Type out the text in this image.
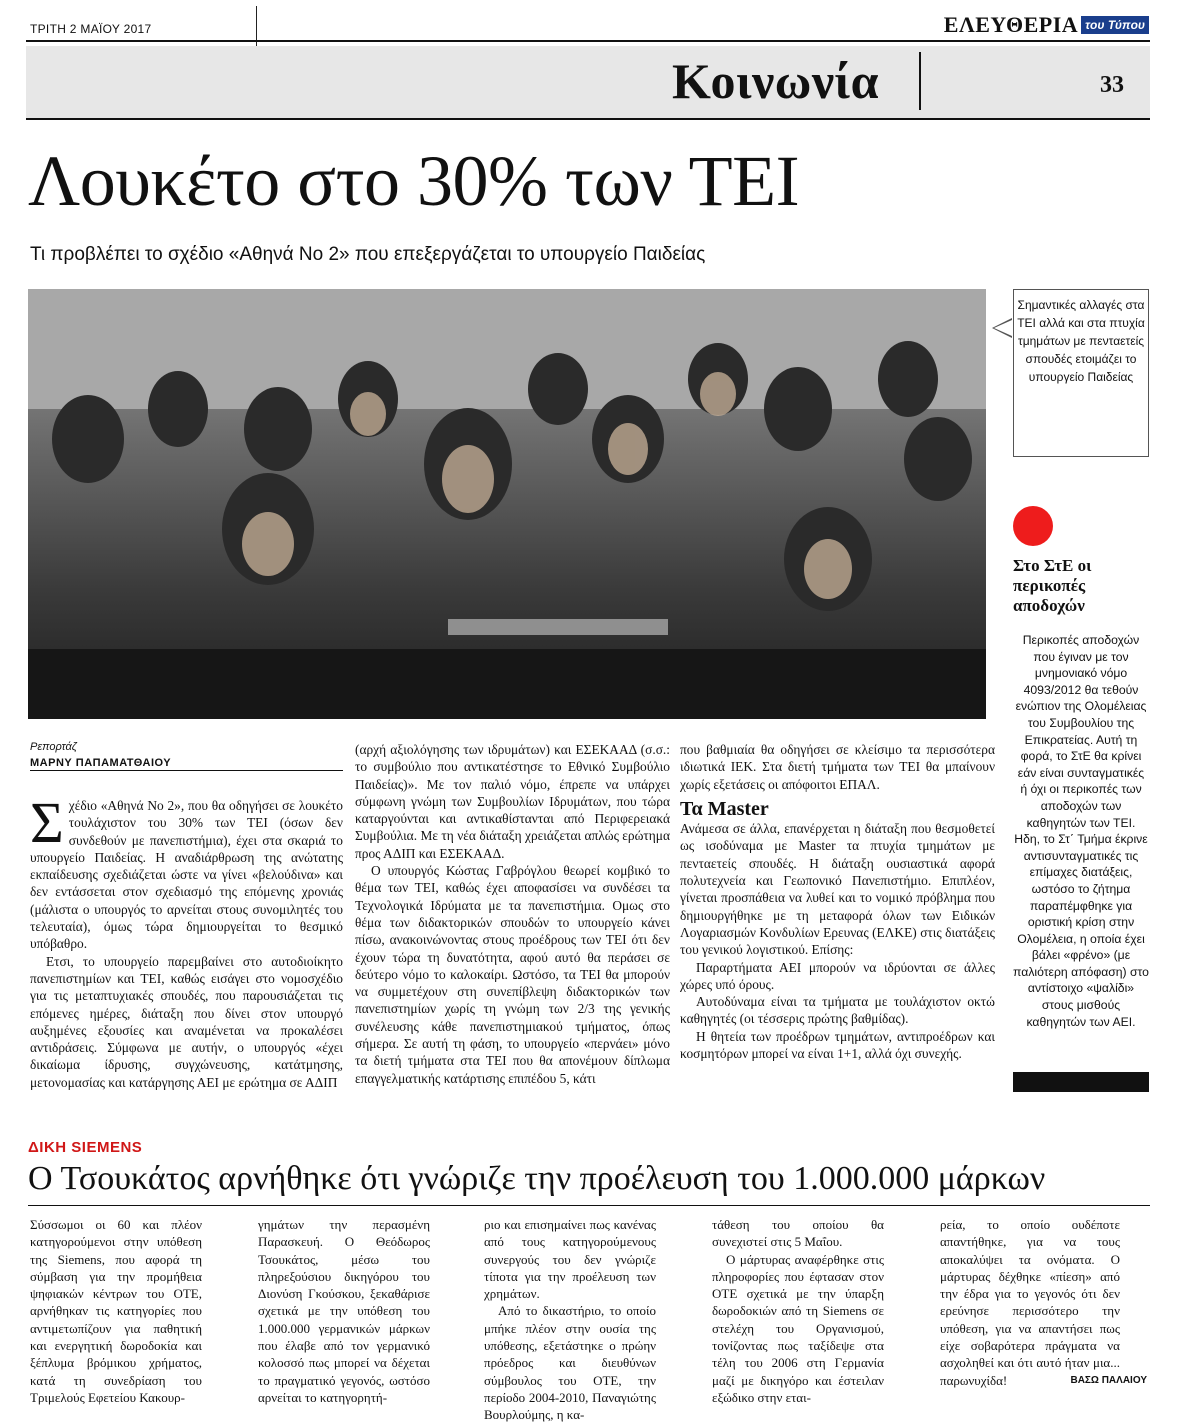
ΤΡΙΤΗ 2 ΜΑΪΟΥ 2017	ΕΛΕΥΘΕΡΙΑ του Τύπου
Κοινωνία	33
Λουκέτο στο 30% των ΤΕΙ
Τι προβλέπει το σχέδιο «Αθηνά Νο 2» που επεξεργάζεται το υπουργείο Παιδείας
Σημαντικές αλλαγές στα ΤΕΙ αλλά και στα πτυχία τμημάτων με πενταετείς σπουδές ετοιμάζει το υπουργείο Παιδείας
Στο ΣτΕ οι περικοπές αποδοχών
Περικοπές αποδοχών που έγιναν με τον μνημονιακό νόμο 4093/2012 θα τεθούν ενώπιον της Ολομέλειας του Συμβουλίου της Επικρατείας. Αυτή τη φορά, το ΣτΕ θα κρίνει εάν είναι συνταγματικές ή όχι οι περικοπές των αποδοχών των καθηγητών των ΤΕΙ. Ηδη, το Στ΄ Τμήμα έκρινε αντισυνταγματικές τις επίμαχες διατάξεις, ωστόσο το ζήτημα παραπέμφθηκε για οριστική κρίση στην Ολομέλεια, η οποία έχει βάλει «φρένο» (με παλιότερη απόφαση) στο αντίστοιχο «ψαλίδι» στους μισθούς καθηγητών των ΑΕΙ.
Ρεπορτάζ
ΜΑΡΝΥ ΠΑΠΑΜΑΤΘΑΙΟΥ
Σ χέδιο «Αθηνά Νο 2», που θα οδηγήσει σε λουκέτο τουλάχιστον του 30% των ΤΕΙ (όσων δεν συνδεθούν με πανεπιστήμια), έχει στα σκαριά το υπουργείο Παιδείας. Η αναδιάρθρωση της ανώτατης εκπαίδευσης σχεδιάζεται ώστε να γίνει «βελούδινα» και δεν εντάσσεται στον σχεδιασμό της επόμενης χρονιάς (μάλιστα ο υπουργός το αρνείται στους συνομιλητές του τελευταία), όμως τώρα δημιουργείται το θεσμικό υπόβαθρο.

Ετσι, το υπουργείο παρεμβαίνει στο αυτοδιοίκητο πανεπιστημίων και ΤΕΙ, καθώς εισάγει στο νομοσχέδιο για τις μεταπτυχιακές σπουδές, που παρουσιάζεται τις επόμενες ημέρες, διάταξη που δίνει στον υπουργό αυξημένες εξουσίες και αναμένεται να προκαλέσει αντιδράσεις. Σύμφωνα με αυτήν, ο υπουργός «έχει δικαίωμα ίδρυσης, συγχώνευσης, κατάτμησης, μετονομασίας και κατάργησης ΑΕΙ με ερώτημα σε ΑΔΙΠ

(αρχή αξιολόγησης των ιδρυμάτων) και ΕΣΕΚΑΑΔ (σ.σ.: το συμβούλιο που αντικατέστησε το Εθνικό Συμβούλιο Παιδείας)». Με τον παλιό νόμο, έπρεπε να υπάρχει σύμφωνη γνώμη των Συμβουλίων Ιδρυμάτων, που τώρα καταργούνται και αντικαθίστανται από Περιφερειακά Συμβούλια. Με τη νέα διάταξη χρειάζεται απλώς ερώτημα προς ΑΔΙΠ και ΕΣΕΚΑΑΔ.

Ο υπουργός Κώστας Γαβρόγλου θεωρεί κομβικό το θέμα των ΤΕΙ, καθώς έχει αποφασίσει να συνδέσει τα Τεχνολογικά Ιδρύματα με τα πανεπιστήμια. Ομως στο θέμα των διδακτορικών σπουδών το υπουργείο κάνει πίσω, ανακοινώνοντας στους προέδρους των ΤΕΙ ότι δεν έχουν τώρα τη δυνατότητα, αφού αυτό θα περάσει σε δεύτερο νόμο το καλοκαίρι. Ωστόσο, τα ΤΕΙ θα μπορούν να συμμετέχουν στη συνεπίβλεψη διδακτορικών των πανεπιστημίων χωρίς τη γνώμη των 2/3 της γενικής συνέλευσης κάθε πανεπιστημιακού τμήματος, όπως σήμερα. Σε αυτή τη φάση, το υπουργείο «περνάει» μόνο τα διετή τμήματα στα ΤΕΙ που θα απονέμουν δίπλωμα επαγγελματικής κατάρτισης επιπέδου 5, κάτι

που βαθμιαία θα οδηγήσει σε κλείσιμο τα περισσότερα ιδιωτικά ΙΕΚ. Στα διετή τμήματα των ΤΕΙ θα μπαίνουν χωρίς εξετάσεις οι απόφοιτοι ΕΠΑΛ.

Τα Master

Ανάμεσα σε άλλα, επανέρχεται η διάταξη που θεσμοθετεί ως ισοδύναμα με Master τα πτυχία τμημάτων με πενταετείς σπουδές. Η διάταξη ουσιαστικά αφορά πολυτεχνεία και Γεωπονικό Πανεπιστήμιο. Επιπλέον, γίνεται προσπάθεια να λυθεί και το νομικό πρόβλημα που δημιουργήθηκε με τη μεταφορά όλων των Ειδικών Λογαριασμών Κονδυλίων Ερευνας (ΕΛΚΕ) στις διατάξεις του γενικού λογιστικού. Επίσης:

Παραρτήματα ΑΕΙ μπορούν να ιδρύονται σε άλλες χώρες υπό όρους.

Αυτοδύναμα είναι τα τμήματα με τουλάχιστον οκτώ καθηγητές (οι τέσσερις πρώτης βαθμίδας).

Η θητεία των προέδρων τμημάτων, αντιπροέδρων και κοσμητόρων μπορεί να είναι 1+1, αλλά όχι συνεχής.

ΔΙΚΗ SIEMENS
Ο Τσουκάτος αρνήθηκε ότι γνώριζε την προέλευση του 1.000.000 μάρκων

Σύσσωμοι οι 60 και πλέον κατηγορούμενοι στην υπόθεση της Siemens, που αφορά τη σύμβαση για την προμήθεια ψηφιακών κέντρων του ΟΤΕ, αρνήθηκαν τις κατηγορίες που αντιμετωπίζουν για παθητική και ενεργητική δωροδοκία και ξέπλυμα βρόμικου χρήματος, κατά τη συνεδρίαση του Τριμελούς Εφετείου Κακουρ-

γημάτων την περασμένη Παρασκευή. Ο Θεόδωρος Τσουκάτος, μέσω του πληρεξούσιου δικηγόρου του Διονύση Γκούσκου, ξεκαθάρισε σχετικά με την υπόθεση του 1.000.000 γερμανικών μάρκων που έλαβε από τον γερμανικό κολοσσό πως μπορεί να δέχεται το πραγματικό γεγονός, ωστόσο αρνείται το κατηγορητή-

ριο και επισημαίνει πως κανένας από τους κατηγορούμενους συνεργούς του δεν γνώριζε τίποτα για την προέλευση των χρημάτων.

Από το δικαστήριο, το οποίο μπήκε πλέον στην ουσία της υπόθεσης, εξετάστηκε ο πρώην πρόεδρος και διευθύνων σύμβουλος του ΟΤΕ, την περίοδο 2004-2010, Παναγιώτης Βουρλούμης, η κα-

τάθεση του οποίου θα συνεχιστεί στις 5 Μαΐου.

Ο μάρτυρας αναφέρθηκε στις πληροφορίες που έφτασαν στον ΟΤΕ σχετικά με την ύπαρξη δωροδοκιών από τη Siemens σε στελέχη του Οργανισμού, τονίζοντας πως ταξίδεψε στα τέλη του 2006 στη Γερμανία μαζί με δικηγόρο και έστειλαν εξώδικο στην εται-

ρεία, το οποίο ουδέποτε απαντήθηκε, για να τους αποκαλύψει τα ονόματα. Ο μάρτυρας δέχθηκε «πίεση» από την έδρα για το γεγονός ότι δεν ερεύνησε περισσότερο την υπόθεση, για να απαντήσει πως είχε σοβαρότερα πράγματα να ασχοληθεί και ότι αυτό ήταν μια... παρωνυχίδα!	ΒΑΣΩ ΠΑΛΑΙΟΥ
